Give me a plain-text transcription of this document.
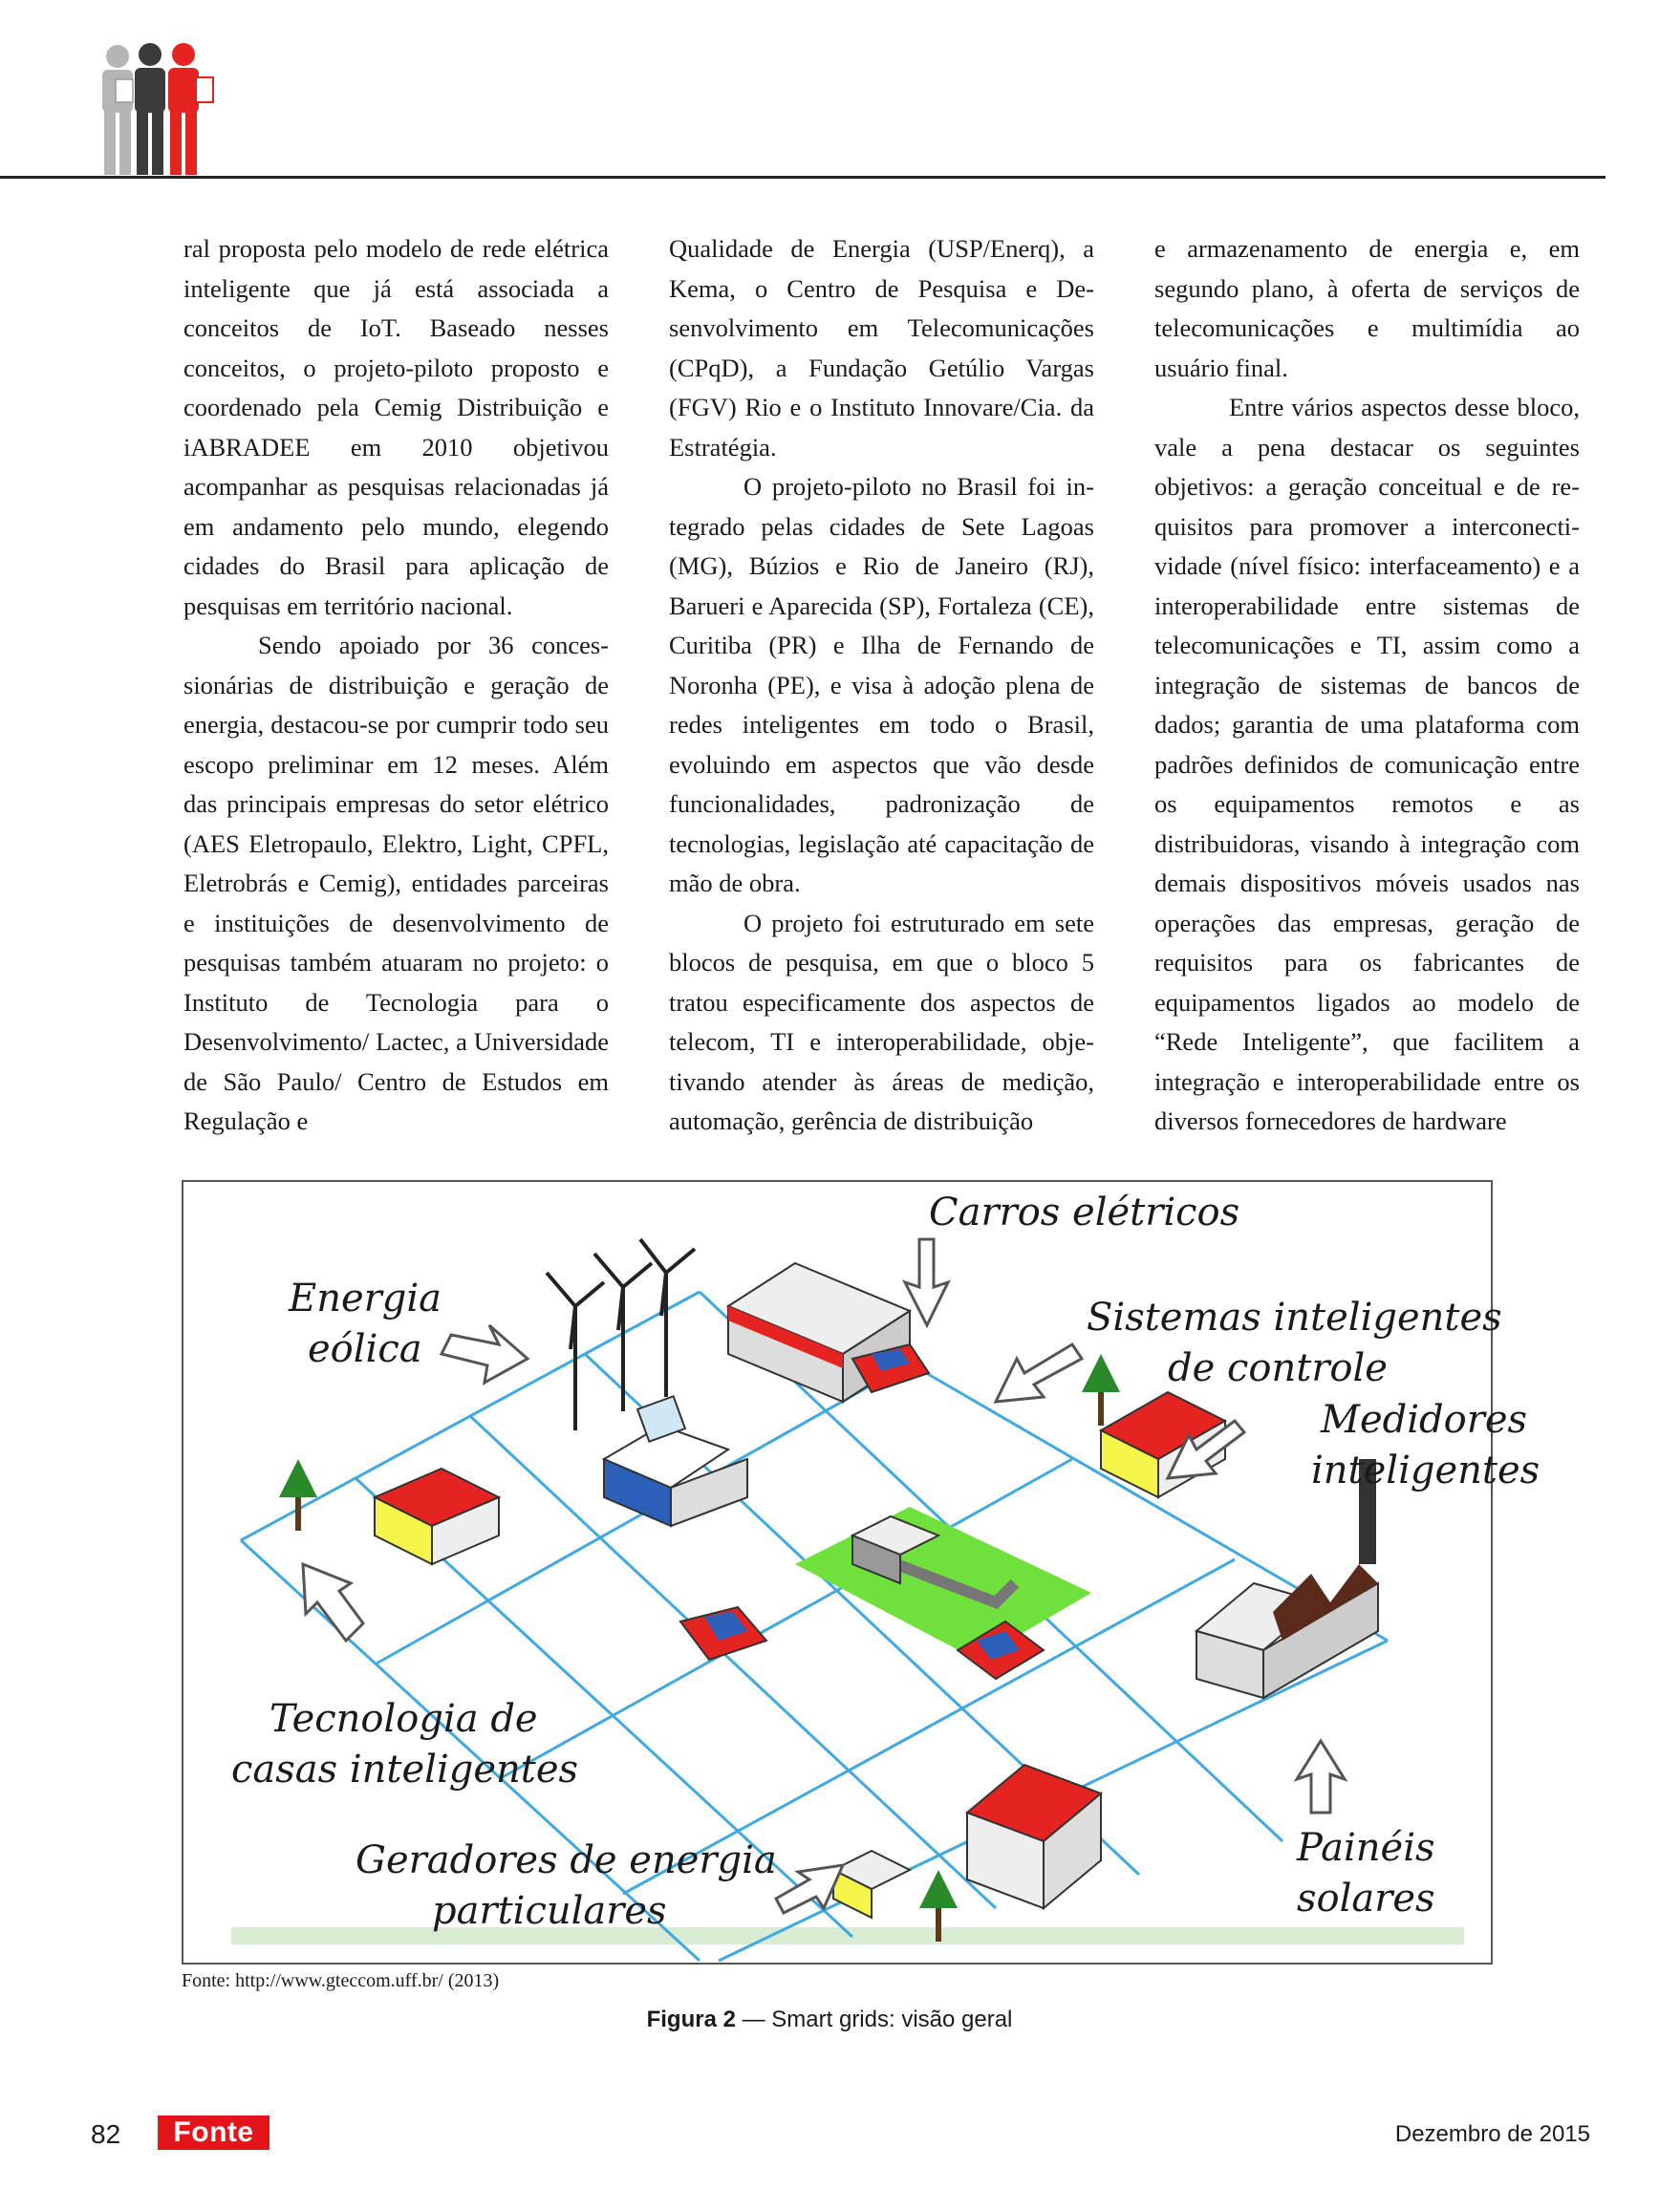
ral proposta pelo modelo de rede elétrica inteligente que já está associada a conceitos de IoT. Baseado nesses conceitos, o projeto-piloto proposto e coordenado pela Cemig Distribuição e iABRADEE em 2010 objetivou acompanhar as pesquisas relacionadas já em andamento pelo mundo, elegendo cidades do Brasil para aplicação de pesquisas em território nacional.

Sendo apoiado por 36 concessionárias de distribuição e geração de energia, destacou-se por cumprir todo seu escopo preliminar em 12 meses. Além das principais empresas do setor elétrico (AES Eletropaulo, Elektro, Light, CPFL, Eletrobrás e Cemig), entidades parceiras e instituições de desenvolvimento de pesquisas também atuaram no projeto: o Instituto de Tecnologia para o Desenvolvimento/ Lactec, a Universidade de São Paulo/ Centro de Estudos em Regulação e

Qualidade de Energia (USP/Enerq), a Kema, o Centro de Pesquisa e Desenvolvimento em Telecomunicações (CPqD), a Fundação Getúlio Vargas (FGV) Rio e o Instituto Innovare/Cia. da Estratégia.

O projeto-piloto no Brasil foi integrado pelas cidades de Sete Lagoas (MG), Búzios e Rio de Janeiro (RJ), Barueri e Aparecida (SP), Fortaleza (CE), Curitiba (PR) e Ilha de Fernando de Noronha (PE), e visa à adoção plena de redes inteligentes em todo o Brasil, evoluindo em aspectos que vão desde funcionalidades, padronização de tecnologias, legislação até capacitação de mão de obra.

O projeto foi estruturado em sete blocos de pesquisa, em que o bloco 5 tratou especificamente dos aspectos de telecom, TI e interoperabilidade, objetivando atender às áreas de medição, automação, gerência de distribuição

e armazenamento de energia e, em segundo plano, à oferta de serviços de telecomunicações e multimídia ao usuário final.

Entre vários aspectos desse bloco, vale a pena destacar os seguintes objetivos: a geração conceitual e de requisitos para promover a interconectividade (nível físico: interfaceamento) e a interoperabilidade entre sistemas de telecomunicações e TI, assim como a integração de sistemas de bancos de dados; garantia de uma plataforma com padrões definidos de comunicação entre os equipamentos remotos e as distribuidoras, visando à integração com demais dispositivos móveis usados nas operações das empresas, geração de requisitos para os fabricantes de equipamentos ligados ao modelo de “Rede Inteligente”, que facilitem a integração e interoperabilidade entre os diversos fornecedores de hardware

Carros elétricos
Energia
eólica
Sistemas inteligentes
de controle
Medidores
inteligentes
Tecnologia de
casas inteligentes
Geradores de energia
particulares
Painéis
solares
Fonte: http://www.gteccom.uff.br/ (2013)
Figura 2 — Smart grids: visão geral
82	Fonte	Dezembro de 2015
